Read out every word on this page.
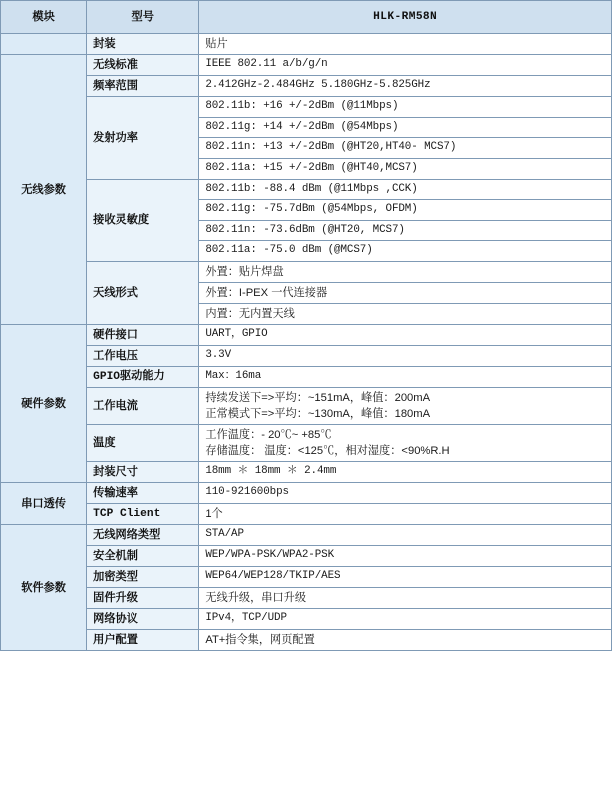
模块	型号	HLK-RM58N
	封装	贴片
无线参数	无线标准	IEEE 802.11 a/b/g/n
	频率范围	2.412GHz-2.484GHz 5.180GHz-5.825GHz
	发射功率	802.11b: +16 +/-2dBm (@11Mbps)
		802.11g: +14 +/-2dBm (@54Mbps)
		802.11n: +13 +/-2dBm (@HT20,HT40- MCS7)
		802.11a: +15 +/-2dBm (@HT40,MCS7)
	接收灵敏度	802.11b: -88.4 dBm (@11Mbps ,CCK)
		802.11g: -75.7dBm (@54Mbps, OFDM)
		802.11n: -73.6dBm (@HT20, MCS7)
		802.11a: -75.0 dBm (@MCS7)
	天线形式	外置：贴片焊盘
		外置：I-PEX 一代连接器
		内置：无内置天线
硬件参数	硬件接口	UART，GPIO
	工作电压	3.3V
	GPIO驱动能力	Max：16ma
	工作电流	持续发送下=>平均：~151mA，峰值：200mA
正常模式下=>平均：~130mA，峰值：180mA

	温度	工作温度：- 20℃~ +85℃
存储温度： 温度：<125℃，相对湿度：<90%R.H

	封装尺寸	18mm ＊ 18mm ＊ 2.4mm
串口透传	传输速率	110-921600bps
	TCP Client	1个
软件参数	无线网络类型	STA/AP
	安全机制	WEP/WPA-PSK/WPA2-PSK
	加密类型	WEP64/WEP128/TKIP/AES
	固件升级	无线升级，串口升级
	网络协议	IPv4，TCP/UDP
	用户配置	AT+指令集，网页配置
